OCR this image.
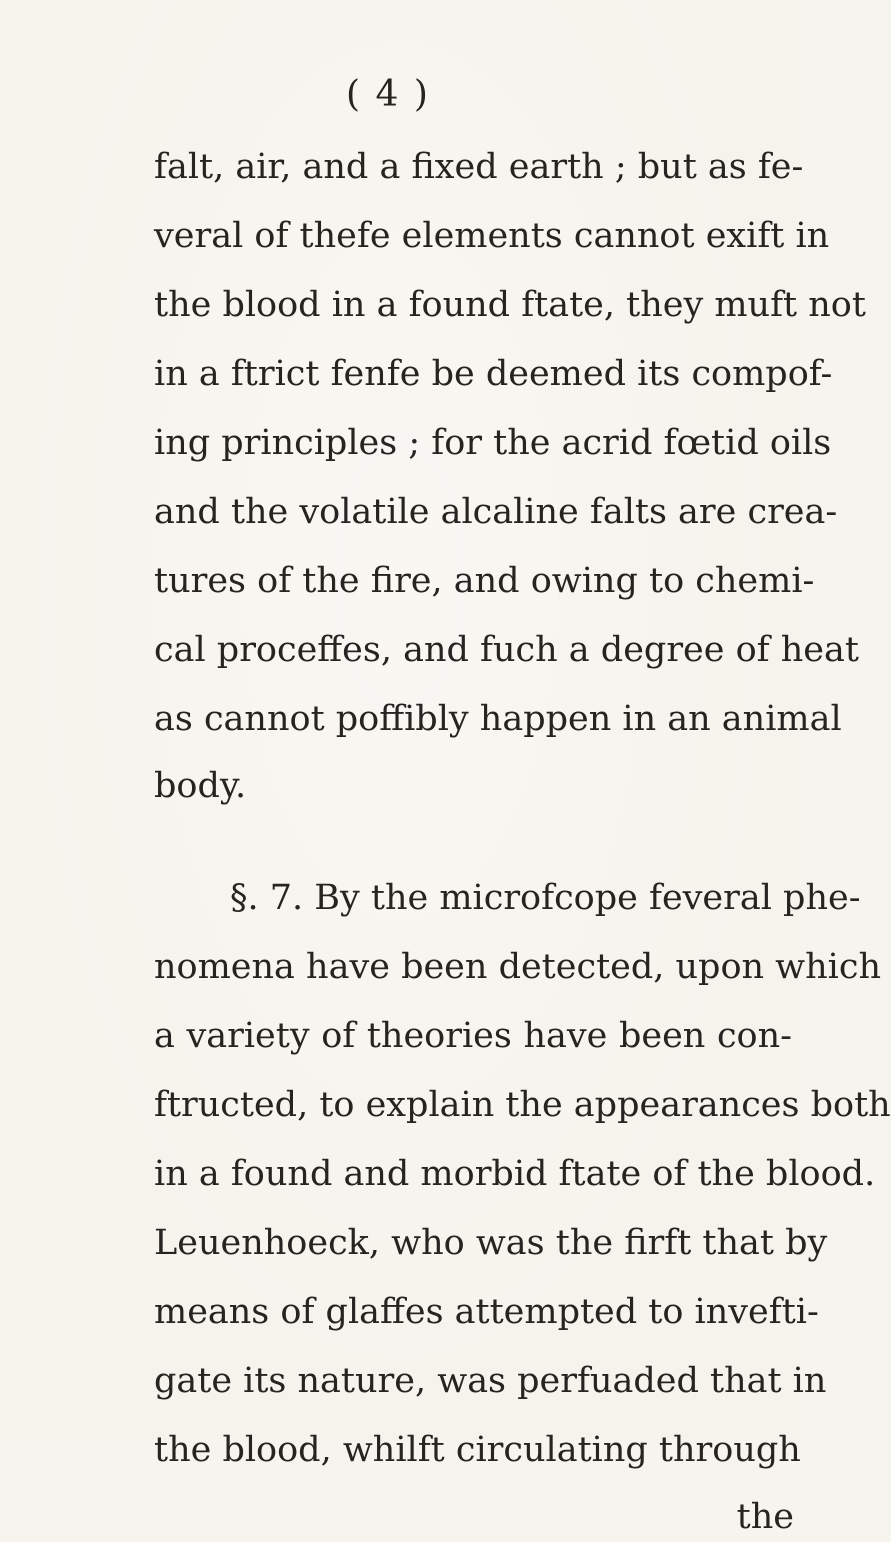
( 4 )
falt, air, and a fixed earth ; but as fe-
veral of thefe elements cannot exift in
the blood in a found ftate, they muft not
in a ftrict fenfe be deemed its compof-
ing principles ; for the acrid fœtid oils
and the volatile alcaline falts are crea-
tures of the fire, and owing to chemi-
cal proceffes, and fuch a degree of heat
as cannot poffibly happen in an animal
body.
§. 7. By the microfcope feveral phe-
nomena have been detected, upon which
a variety of theories have been con-
ftructed, to explain the appearances both
in a found and morbid ftate of the blood.
Leuenhoeck, who was the firft that by
means of glaffes attempted to invefti-
gate its nature, was perfuaded that in
the blood, whilft circulating through
the
